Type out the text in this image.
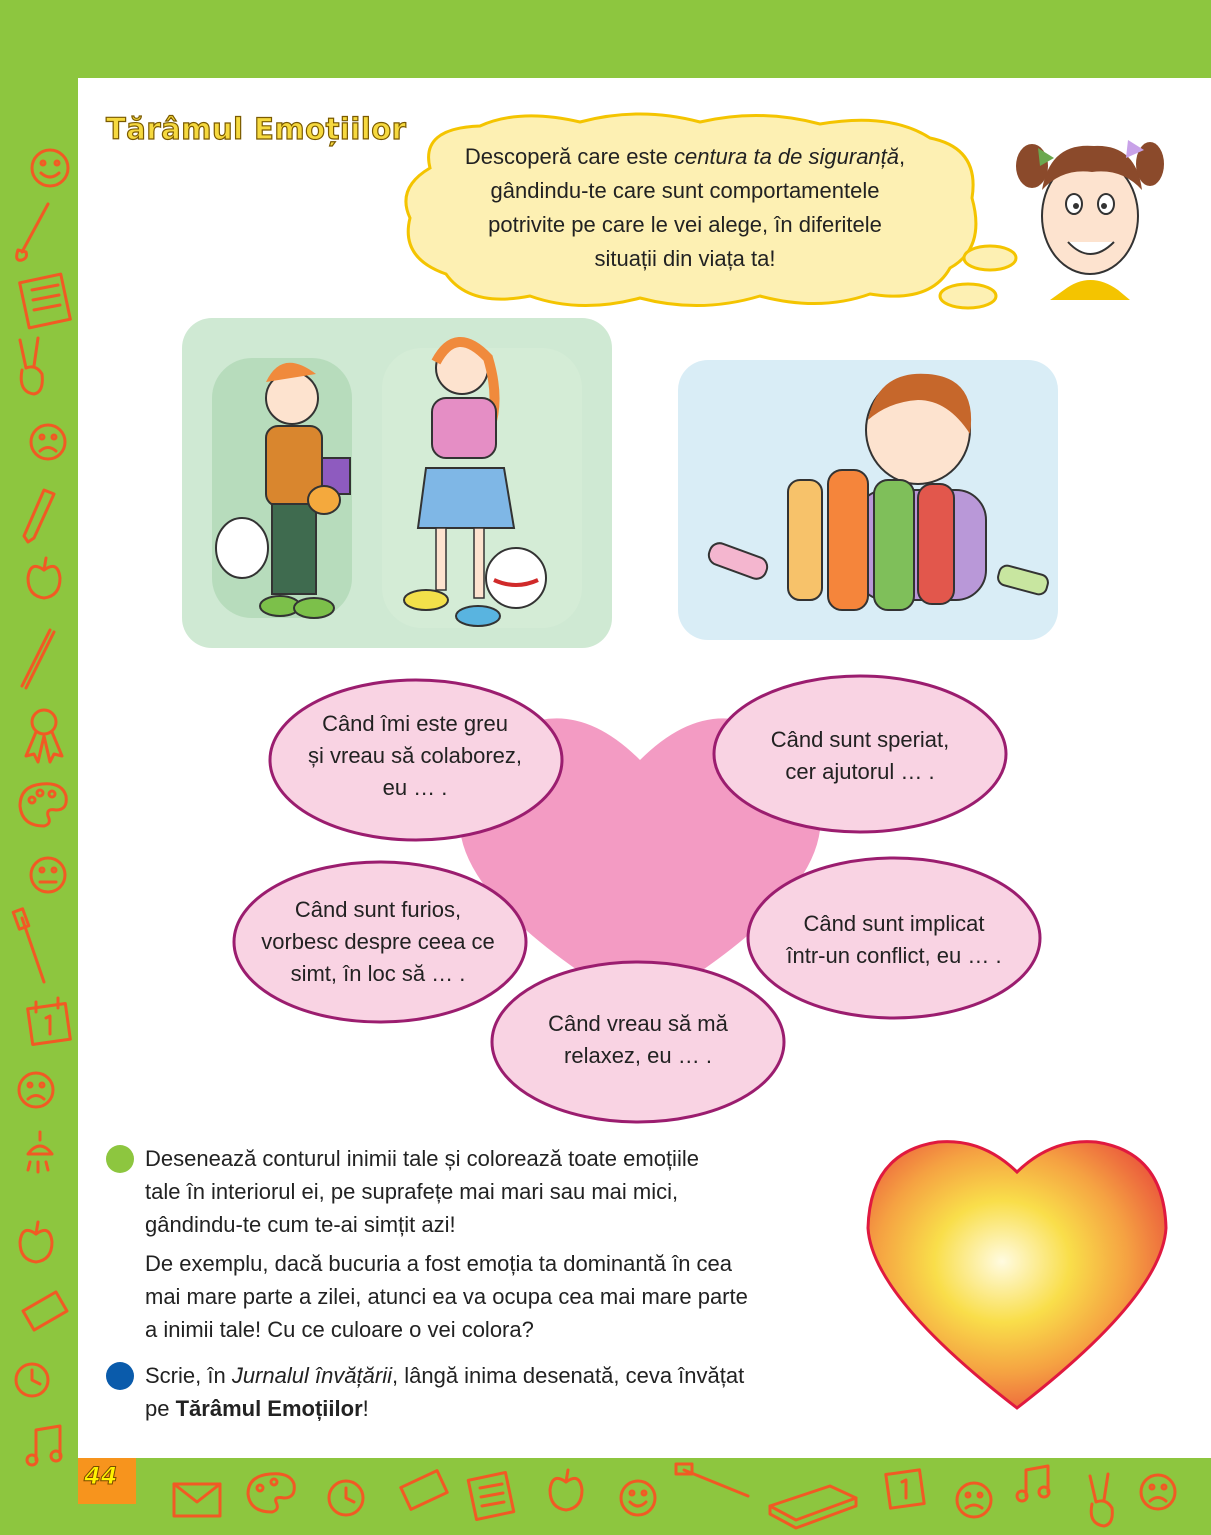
Tărâmul Emoțiilor
Descoperă care este centura ta de siguranță,
gândindu-te care sunt comportamentele
potrivite pe care le vei alege, în diferitele
situații din viața ta!
Când îmi este greu
și vreau să colaborez,
eu … .
Când sunt speriat,
cer ajutorul … .
Când sunt furios,
vorbesc despre ceea ce
simt, în loc să … .
Când sunt implicat
într-un conflict, eu … .
Când vreau să mă
relaxez, eu … .
Desenează conturul inimii tale și colorează toate emoțiile
tale în interiorul ei, pe suprafețe mai mari sau mai mici,
gândindu-te cum te-ai simțit azi!
De exemplu, dacă bucuria a fost emoția ta dominantă în cea
mai mare parte a zilei, atunci ea va ocupa cea mai mare parte
a inimii tale! Cu ce culoare o vei colora?
Scrie, în Jurnalul învățării, lângă inima desenată, ceva învățat
pe Tărâmul Emoțiilor!
44
